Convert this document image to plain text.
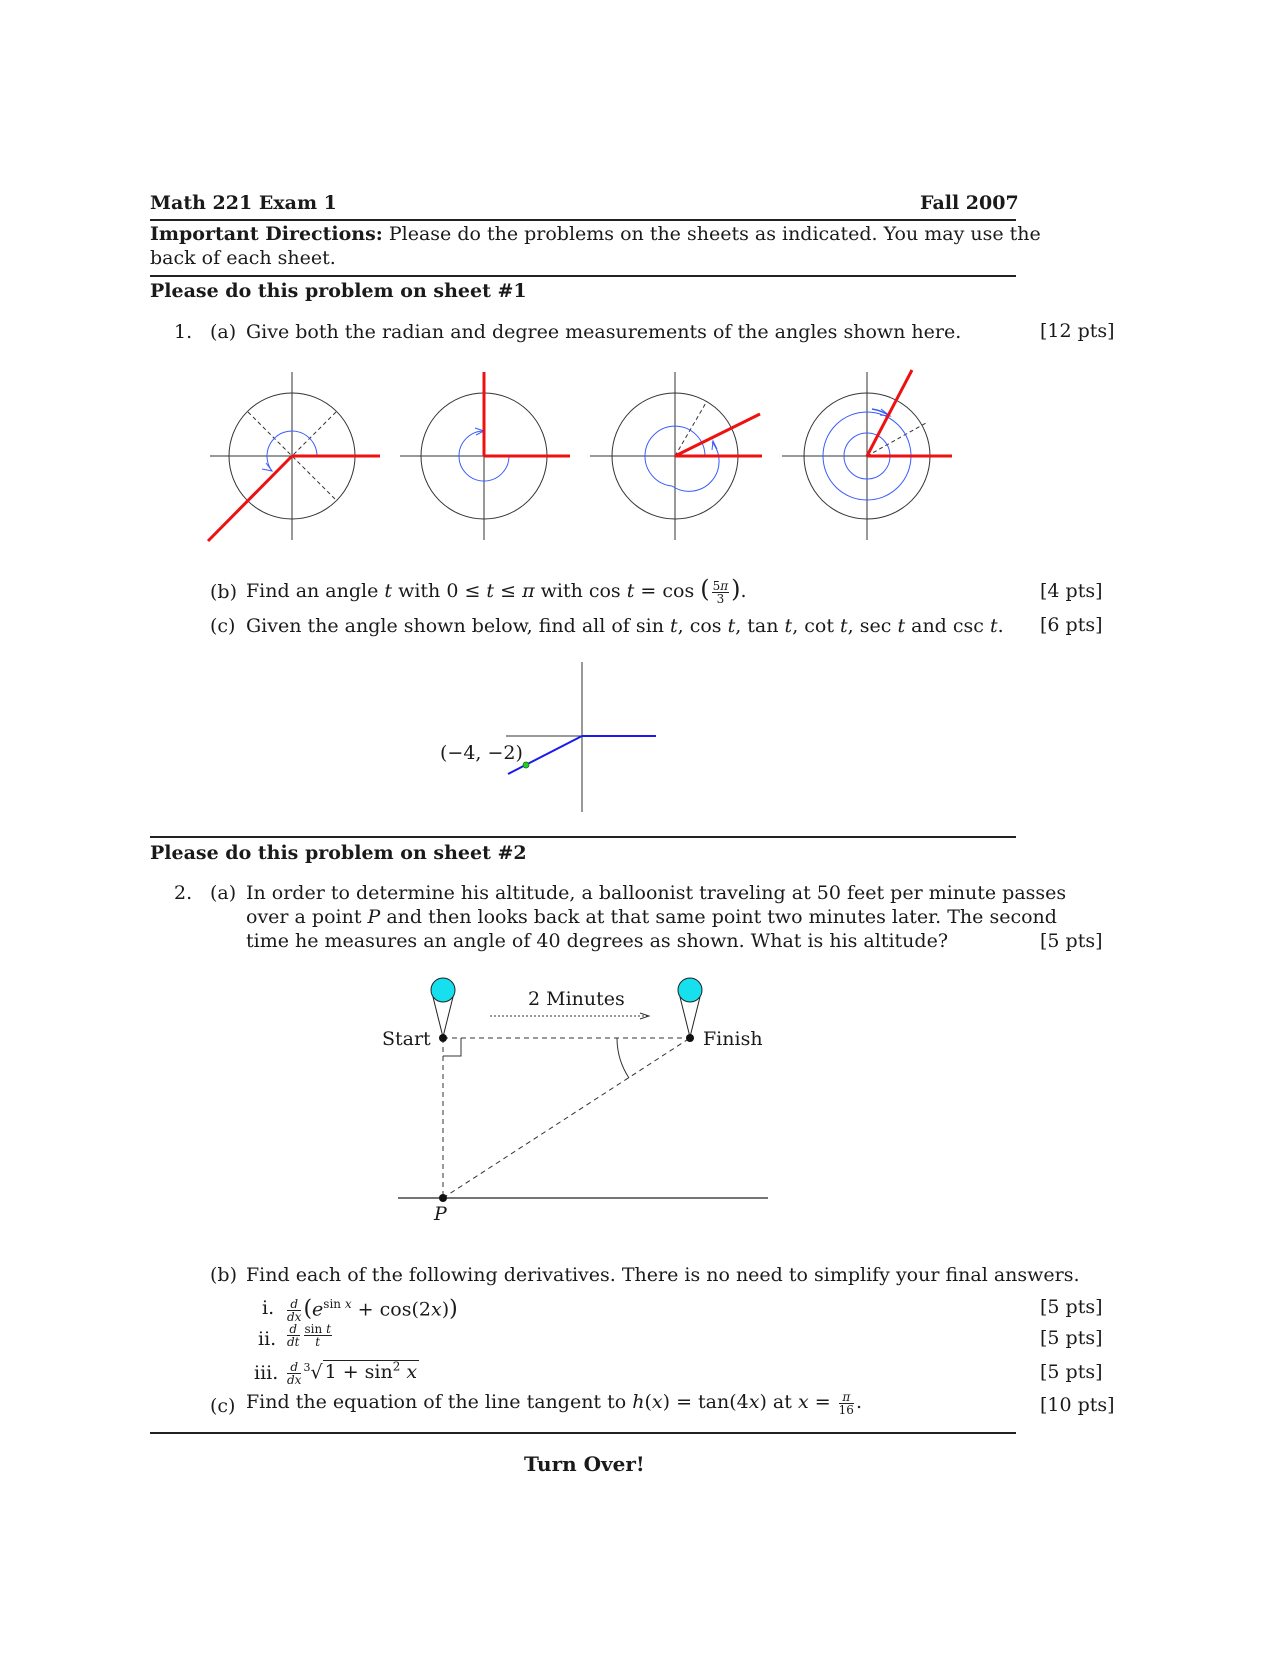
Math 221 Exam 1	Fall 2007
Important Directions: Please do the problems on the sheets as indicated. You may use the
back of each sheet.
Please do this problem on sheet #1
1. (a) Give both the radian and degree measurements of the angles shown here.	[12 pts]
(b) Find an angle t with 0 ≤ t ≤ π with cos t = cos ( $\frac{5\pi}{3}$ ).	[4 pts]
(c) Given the angle shown below, find all of sin t, cos t, tan t, cot t, sec t and csc t. [6 pts]
(−4, −2)
Please do this problem on sheet #2
2. (a) In order to determine his altitude, a balloonist traveling at 50 feet per minute passes
over a point P and then looks back at that same point two minutes later. The second
time he measures an angle of 40 degrees as shown. What is his altitude?	[5 pts]
2 Minutes
Start	Finish
P
(b) Find each of the following derivatives. There is no need to simplify your final answers.
i. $\frac{d}{dx} (e^{sin x} + \cos(2x))$	[5 pts]
ii. $\frac{d}{dt} \frac{\text{sin t}}{t}$	[5 pts]
iii. $\frac{d}{dx} ^3√$ $1 + \sin^2 x$	[5 pts]
(c) Find the equation of the line tangent to h(x) = tan(4x) at $x = \frac{\pi}{16}$ .	[10 pts]
Turn Over!
